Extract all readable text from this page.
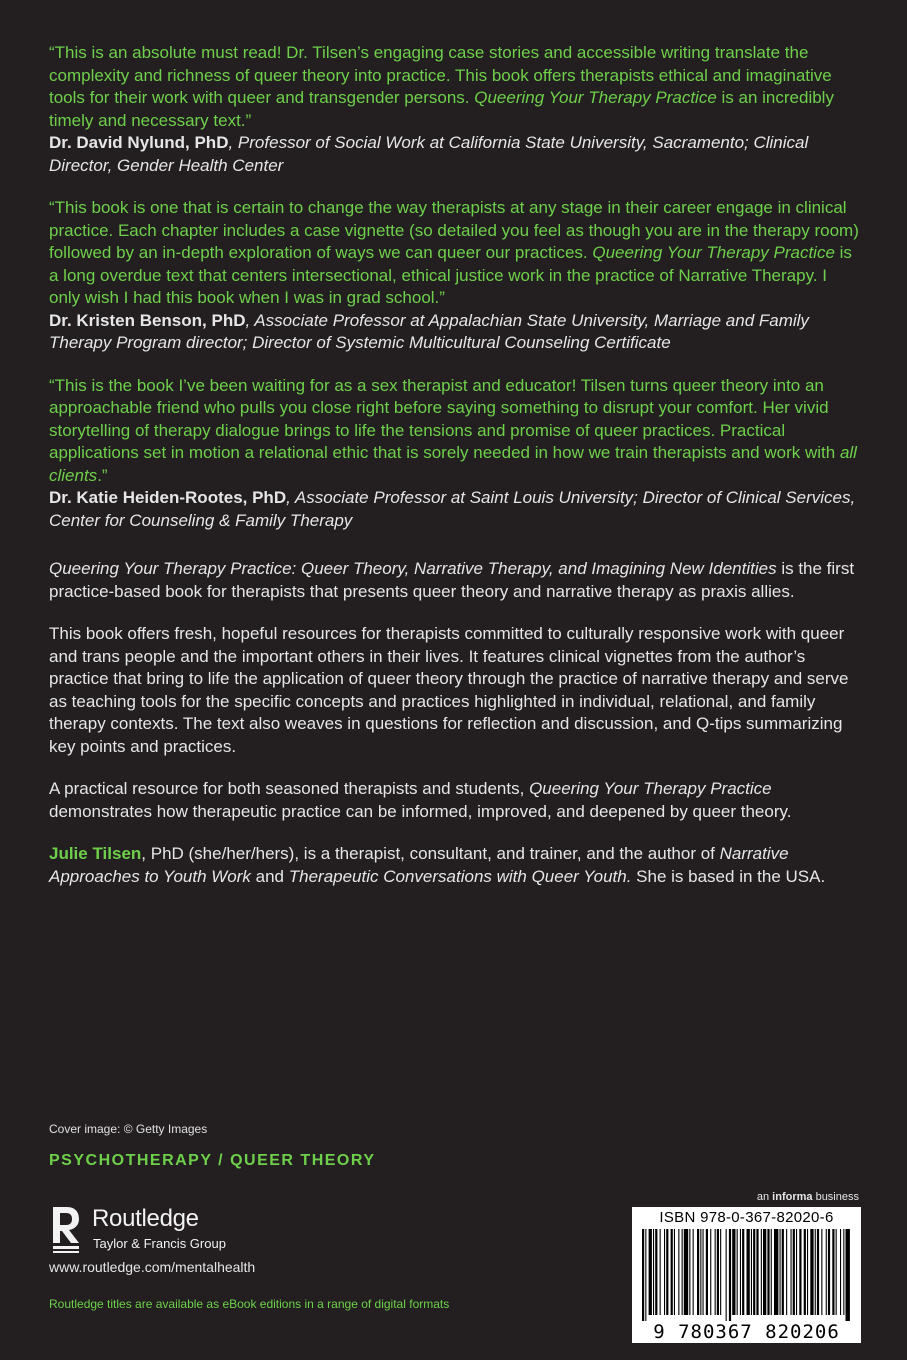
“This is an absolute must read! Dr. Tilsen’s engaging case stories and accessible writing translate the complexity and richness of queer theory into practice. This book offers therapists ethical and imaginative tools for their work with queer and transgender persons. Queering Your Therapy Practice is an incredibly timely and necessary text.”

Dr. David Nylund, PhD, Professor of Social Work at California State University, Sacramento; Clinical Director, Gender Health Center

“This book is one that is certain to change the way therapists at any stage in their career engage in clinical practice. Each chapter includes a case vignette (so detailed you feel as though you are in the therapy room) followed by an in-depth exploration of ways we can queer our practices. Queering Your Therapy Practice is a long overdue text that centers intersectional, ethical justice work in the practice of Narrative Therapy. I only wish I had this book when I was in grad school.”

Dr. Kristen Benson, PhD, Associate Professor at Appalachian State University, Marriage and Family Therapy Program director; Director of Systemic Multicultural Counseling Certificate

“This is the book I’ve been waiting for as a sex therapist and educator! Tilsen turns queer theory into an approachable friend who pulls you close right before saying something to disrupt your comfort. Her vivid storytelling of therapy dialogue brings to life the tensions and promise of queer practices. Practical applications set in motion a relational ethic that is sorely needed in how we train therapists and work with all clients.”

Dr. Katie Heiden-Rootes, PhD, Associate Professor at Saint Louis University; Director of Clinical Services, Center for Counseling & Family Therapy

Queering Your Therapy Practice: Queer Theory, Narrative Therapy, and Imagining New Identities is the first practice-based book for therapists that presents queer theory and narrative therapy as praxis allies.

This book offers fresh, hopeful resources for therapists committed to culturally responsive work with queer and trans people and the important others in their lives. It features clinical vignettes from the author’s practice that bring to life the application of queer theory through the practice of narrative therapy and serve as teaching tools for the specific concepts and practices highlighted in individual, relational, and family therapy contexts. The text also weaves in questions for reflection and discussion, and Q-tips summarizing key points and practices.

A practical resource for both seasoned therapists and students, Queering Your Therapy Practice demonstrates how therapeutic practice can be informed, improved, and deepened by queer theory.

Julie Tilsen, PhD (she/her/hers), is a therapist, consultant, and trainer, and the author of Narrative Approaches to Youth Work and Therapeutic Conversations with Queer Youth. She is based in the USA.

Cover image: © Getty Images
PSYCHOTHERAPY / QUEER THEORY
Routledge
Taylor & Francis Group
www.routledge.com/mentalhealth
Routledge titles are available as eBook editions in a range of digital formats
an informa business
ISBN 978-0-367-82020-6
9 780367 820206
